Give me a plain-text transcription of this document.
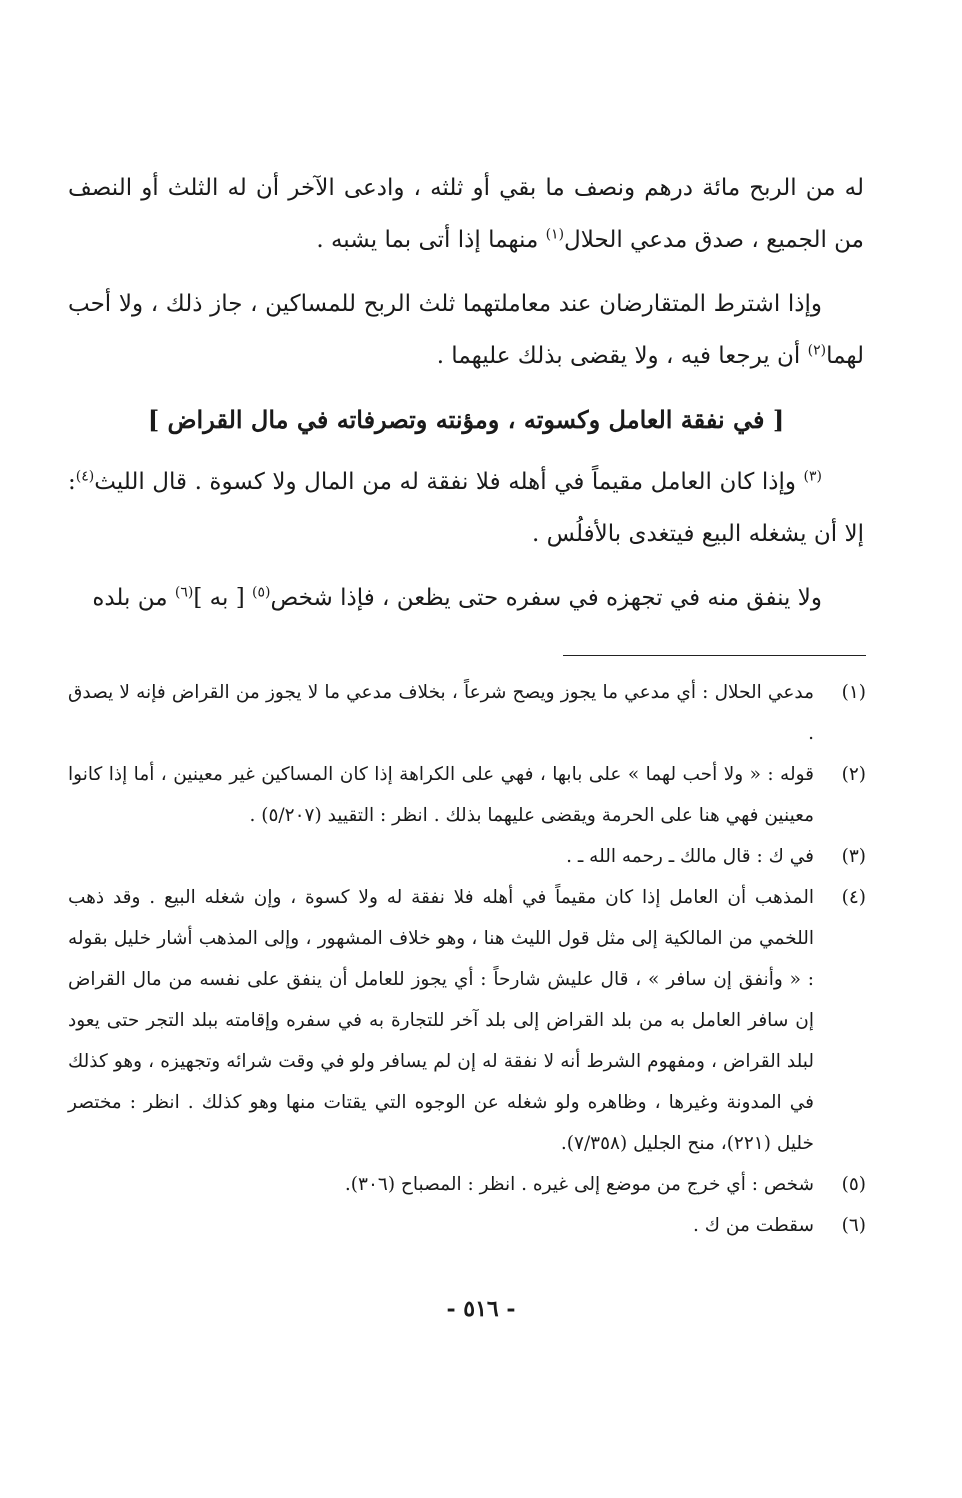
له من الربح مائة درهم ونصف ما بقي أو ثلثه ، وادعى الآخر أن له الثلث أو النصف من الجميع ، صدق مدعي الحلال$^{(١)}$ منهما إذا أتى بما يشبه .

وإذا اشترط المتقارضان عند معاملتهما ثلث الربح للمساكين ، جاز ذلك ، ولا أحب لهما$^{(٢)}$ أن يرجعا فيه ، ولا يقضى بذلك عليهما .

[ في نفقة العامل وكسوته ، ومؤنته وتصرفاته في مال القراض ]

$^{(٣)}$ وإذا كان العامل مقيماً في أهله فلا نفقة له من المال ولا كسوة . قال الليث$^{(٤)}$: إلا أن يشغله البيع فيتغدى بالأفلُس .

ولا ينفق منه في تجهزه في سفره حتى يظعن ، فإذا شخص$^{(٥)}$ [ به ]$^{(٦)}$ من بلده

(١)
مدعي الحلال : أي مدعي ما يجوز ويصح شرعاً ، بخلاف مدعي ما لا يجوز من القراض فإنه لا يصدق .
(٢)
قوله : « ولا أحب لهما » على بابها ، فهي على الكراهة إذا كان المساكين غير معينين ، أما إذا كانوا معينين فهي هنا على الحرمة ويقضى عليهما بذلك . انظر : التقييد (٥/٢٠٧) .
(٣)
في ك : قال مالك ـ رحمه الله ـ .
(٤)
المذهب أن العامل إذا كان مقيماً في أهله فلا نفقة له ولا كسوة ، وإن شغله البيع . وقد ذهب اللخمي من المالكية إلى مثل قول الليث هنا ، وهو خلاف المشهور ، وإلى المذهب أشار خليل بقوله : « وأنفق إن سافر » ، قال عليش شارحاً : أي يجوز للعامل أن ينفق على نفسه من مال القراض إن سافر العامل به من بلد القراض إلى بلد آخر للتجارة به في سفره وإقامته ببلد التجر حتى يعود لبلد القراض ، ومفهوم الشرط أنه لا نفقة له إن لم يسافر ولو في وقت شرائه وتجهيزه ، وهو كذلك في المدونة وغيرها ، وظاهره ولو شغله عن الوجوه التي يقتات منها وهو كذلك . انظر : مختصر خليل (٢٢١)، منح الجليل (٧/٣٥٨).
(٥)
شخص : أي خرج من موضع إلى غيره . انظر : المصباح (٣٠٦).
(٦)
سقطت من ك .
- ٥١٦ -
